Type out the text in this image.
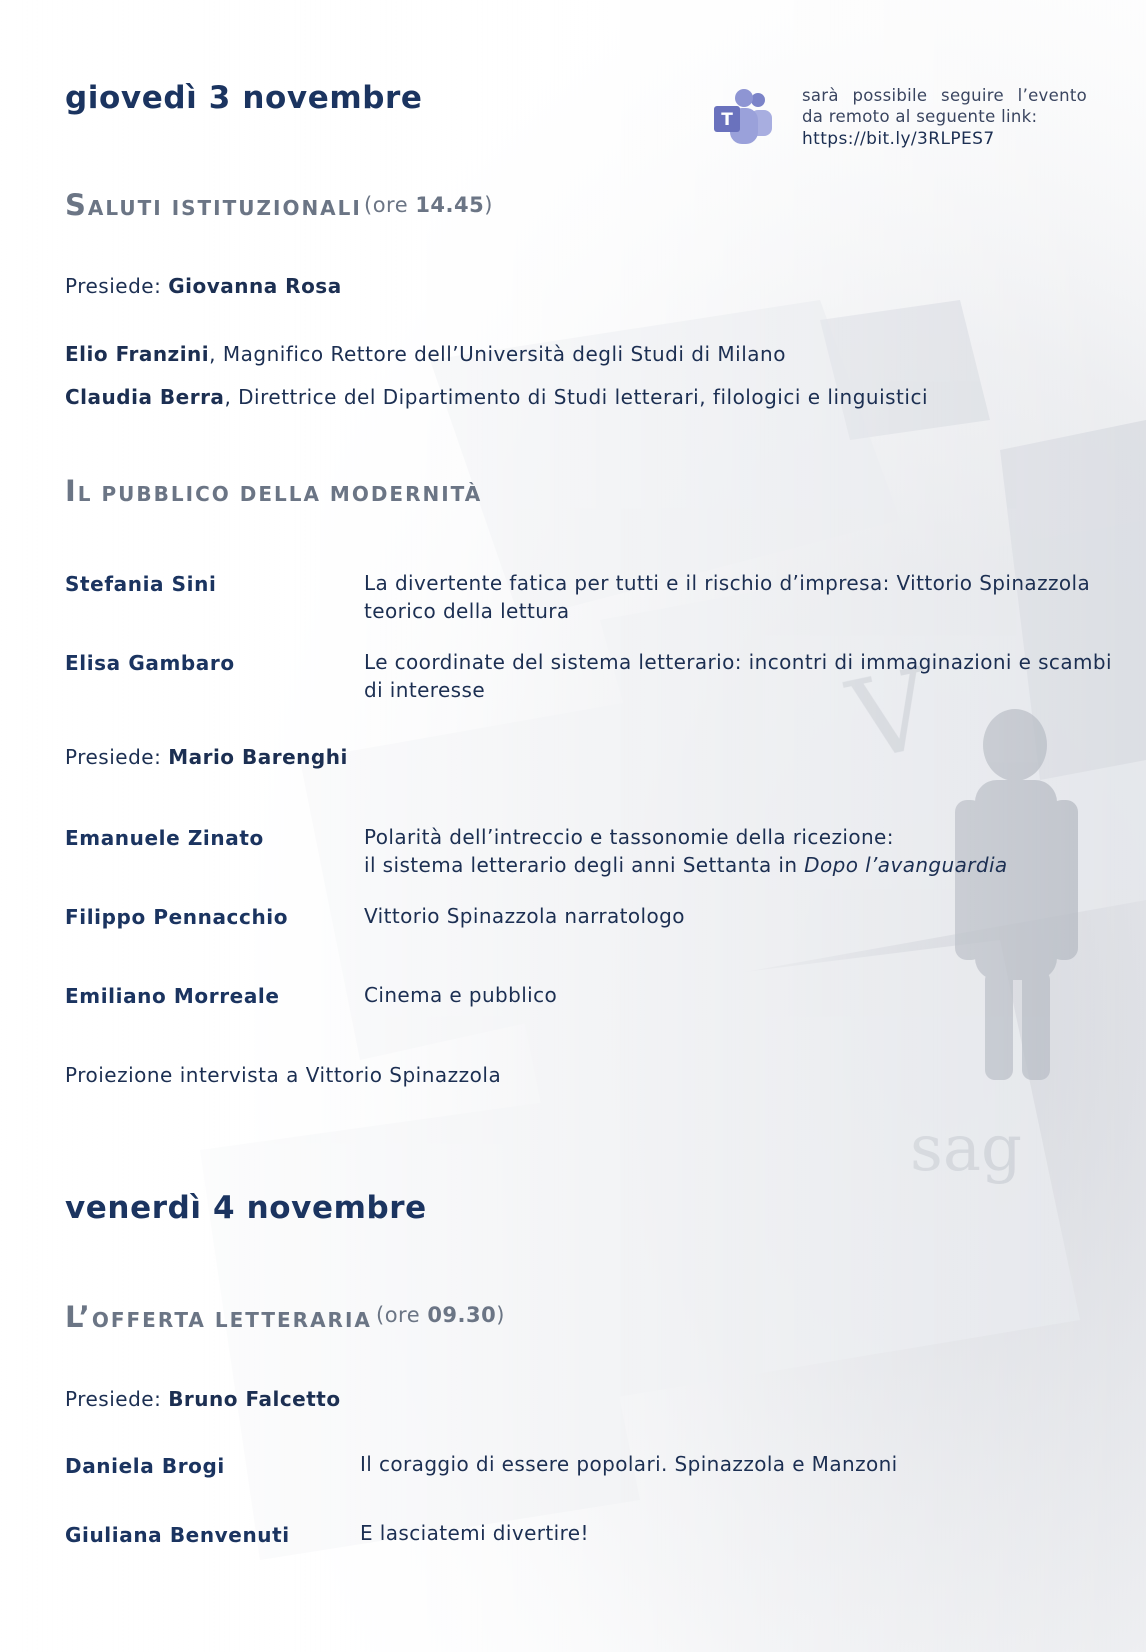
giovedì 3 novembre
T
sarà possibile seguire l’evento
da remoto al seguente link:
https://bit.ly/3RLPES7
SALUTI ISTITUZIONALI (ore 14.45)
Presiede: Giovanna Rosa
Elio Franzini, Magnifico Rettore dell’Università degli Studi di Milano
Claudia Berra, Direttrice del Dipartimento di Studi letterari, filologici e linguistici
IL PUBBLICO DELLA MODERNITÀ
Stefania Sini	La divertente fatica per tutti e il rischio d’impresa: Vittorio Spinazzola
teorico della lettura
Elisa Gambaro	Le coordinate del sistema letterario: incontri di immaginazioni e scambi
di interesse
Presiede: Mario Barenghi
Emanuele Zinato	Polarità dell’intreccio e tassonomie della ricezione:
il sistema letterario degli anni Settanta in Dopo l’avanguardia
Filippo Pennacchio	Vittorio Spinazzola narratologo
Emiliano Morreale	Cinema e pubblico
Proiezione intervista a Vittorio Spinazzola
venerdì 4 novembre
L’OFFERTA LETTERARIA (ore 09.30)
Presiede: Bruno Falcetto
Daniela Brogi	Il coraggio di essere popolari. Spinazzola e Manzoni
Giuliana Benvenuti	E lasciatemi divertire!
